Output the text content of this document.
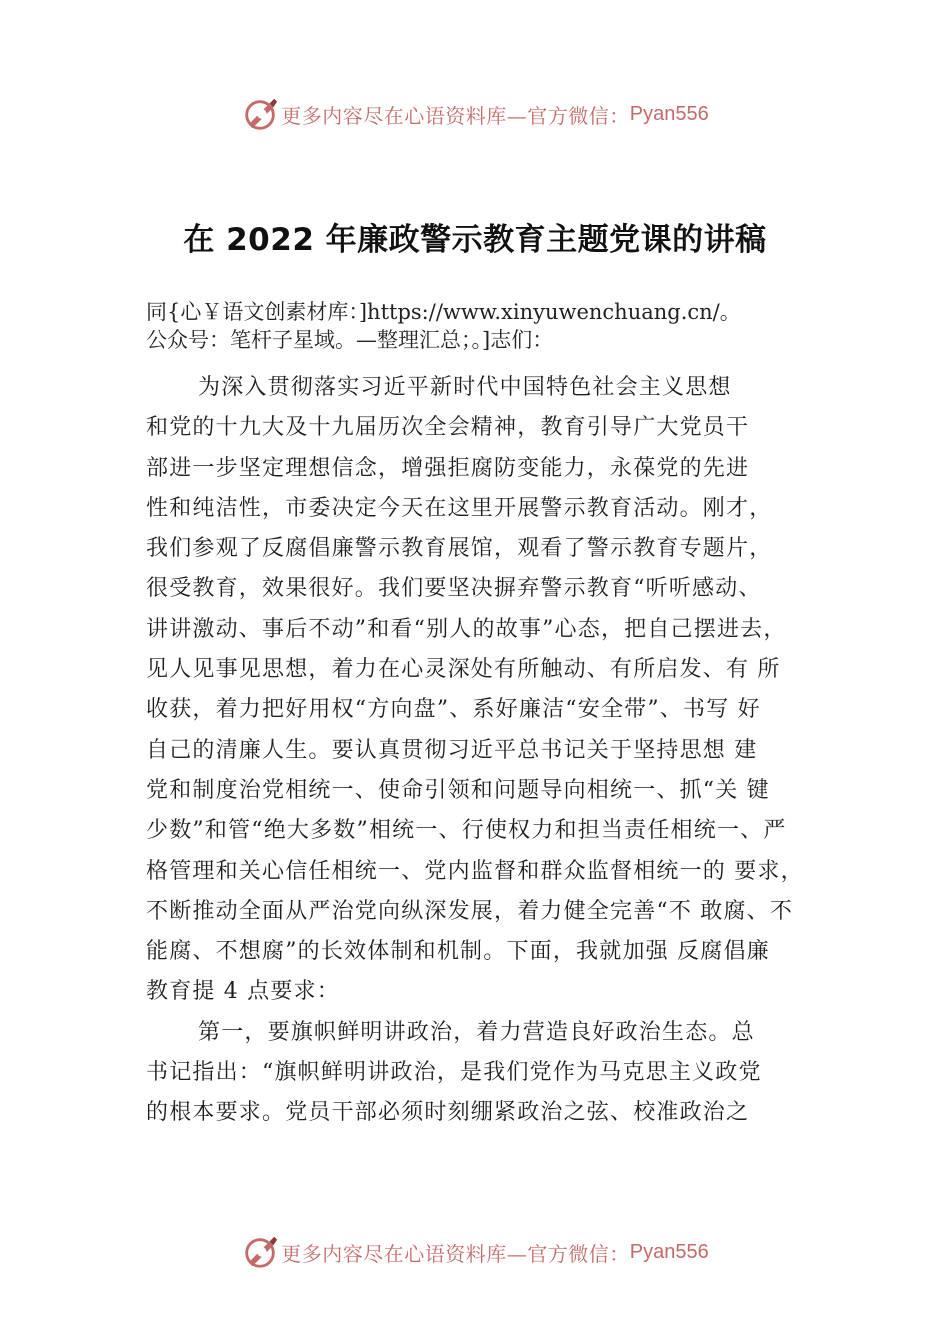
更多内容尽在心语资料库—官方微信： Pyan556
在 2022 年廉政警示教育主题党课的讲稿
同{心￥语文创素材库：]https://www.xinyuwenchuang.cn/。
公众号：笔杆子星域。—整理汇总；。]志们：
为深入贯彻落实习近平新时代中国特色社会主义思想
和党的十九大及十九届历次全会精神，教育引导广大党员干
部进一步坚定理想信念，增强拒腐防变能力，永葆党的先进
性和纯洁性，市委决定今天在这里开展警示教育活动。刚才，
我们参观了反腐倡廉警示教育展馆，观看了警示教育专题片，
很受教育，效果很好。我们要坚决摒弃警示教育“听听感动、
讲讲激动、事后不动”和看“别人的故事”心态，把自己摆进去，
见人见事见思想，着力在心灵深处有所触动、有所启发、有 所
收获，着力把好用权“方向盘”、系好廉洁“安全带”、书写 好
自己的清廉人生。要认真贯彻习近平总书记关于坚持思想 建
党和制度治党相统一、使命引领和问题导向相统一、抓“关 键
少数”和管“绝大多数”相统一、行使权力和担当责任相统一、严
格管理和关心信任相统一、党内监督和群众监督相统一的 要求，
不断推动全面从严治党向纵深发展，着力健全完善“不 敢腐、不
能腐、不想腐”的长效体制和机制。下面，我就加强 反腐倡廉
教育提 4 点要求：
第一，要旗帜鲜明讲政治，着力营造良好政治生态。总
书记指出：“旗帜鲜明讲政治，是我们党作为马克思主义政党
的根本要求。党员干部必须时刻绷紧政治之弦、校准政治之
更多内容尽在心语资料库—官方微信： Pyan556
